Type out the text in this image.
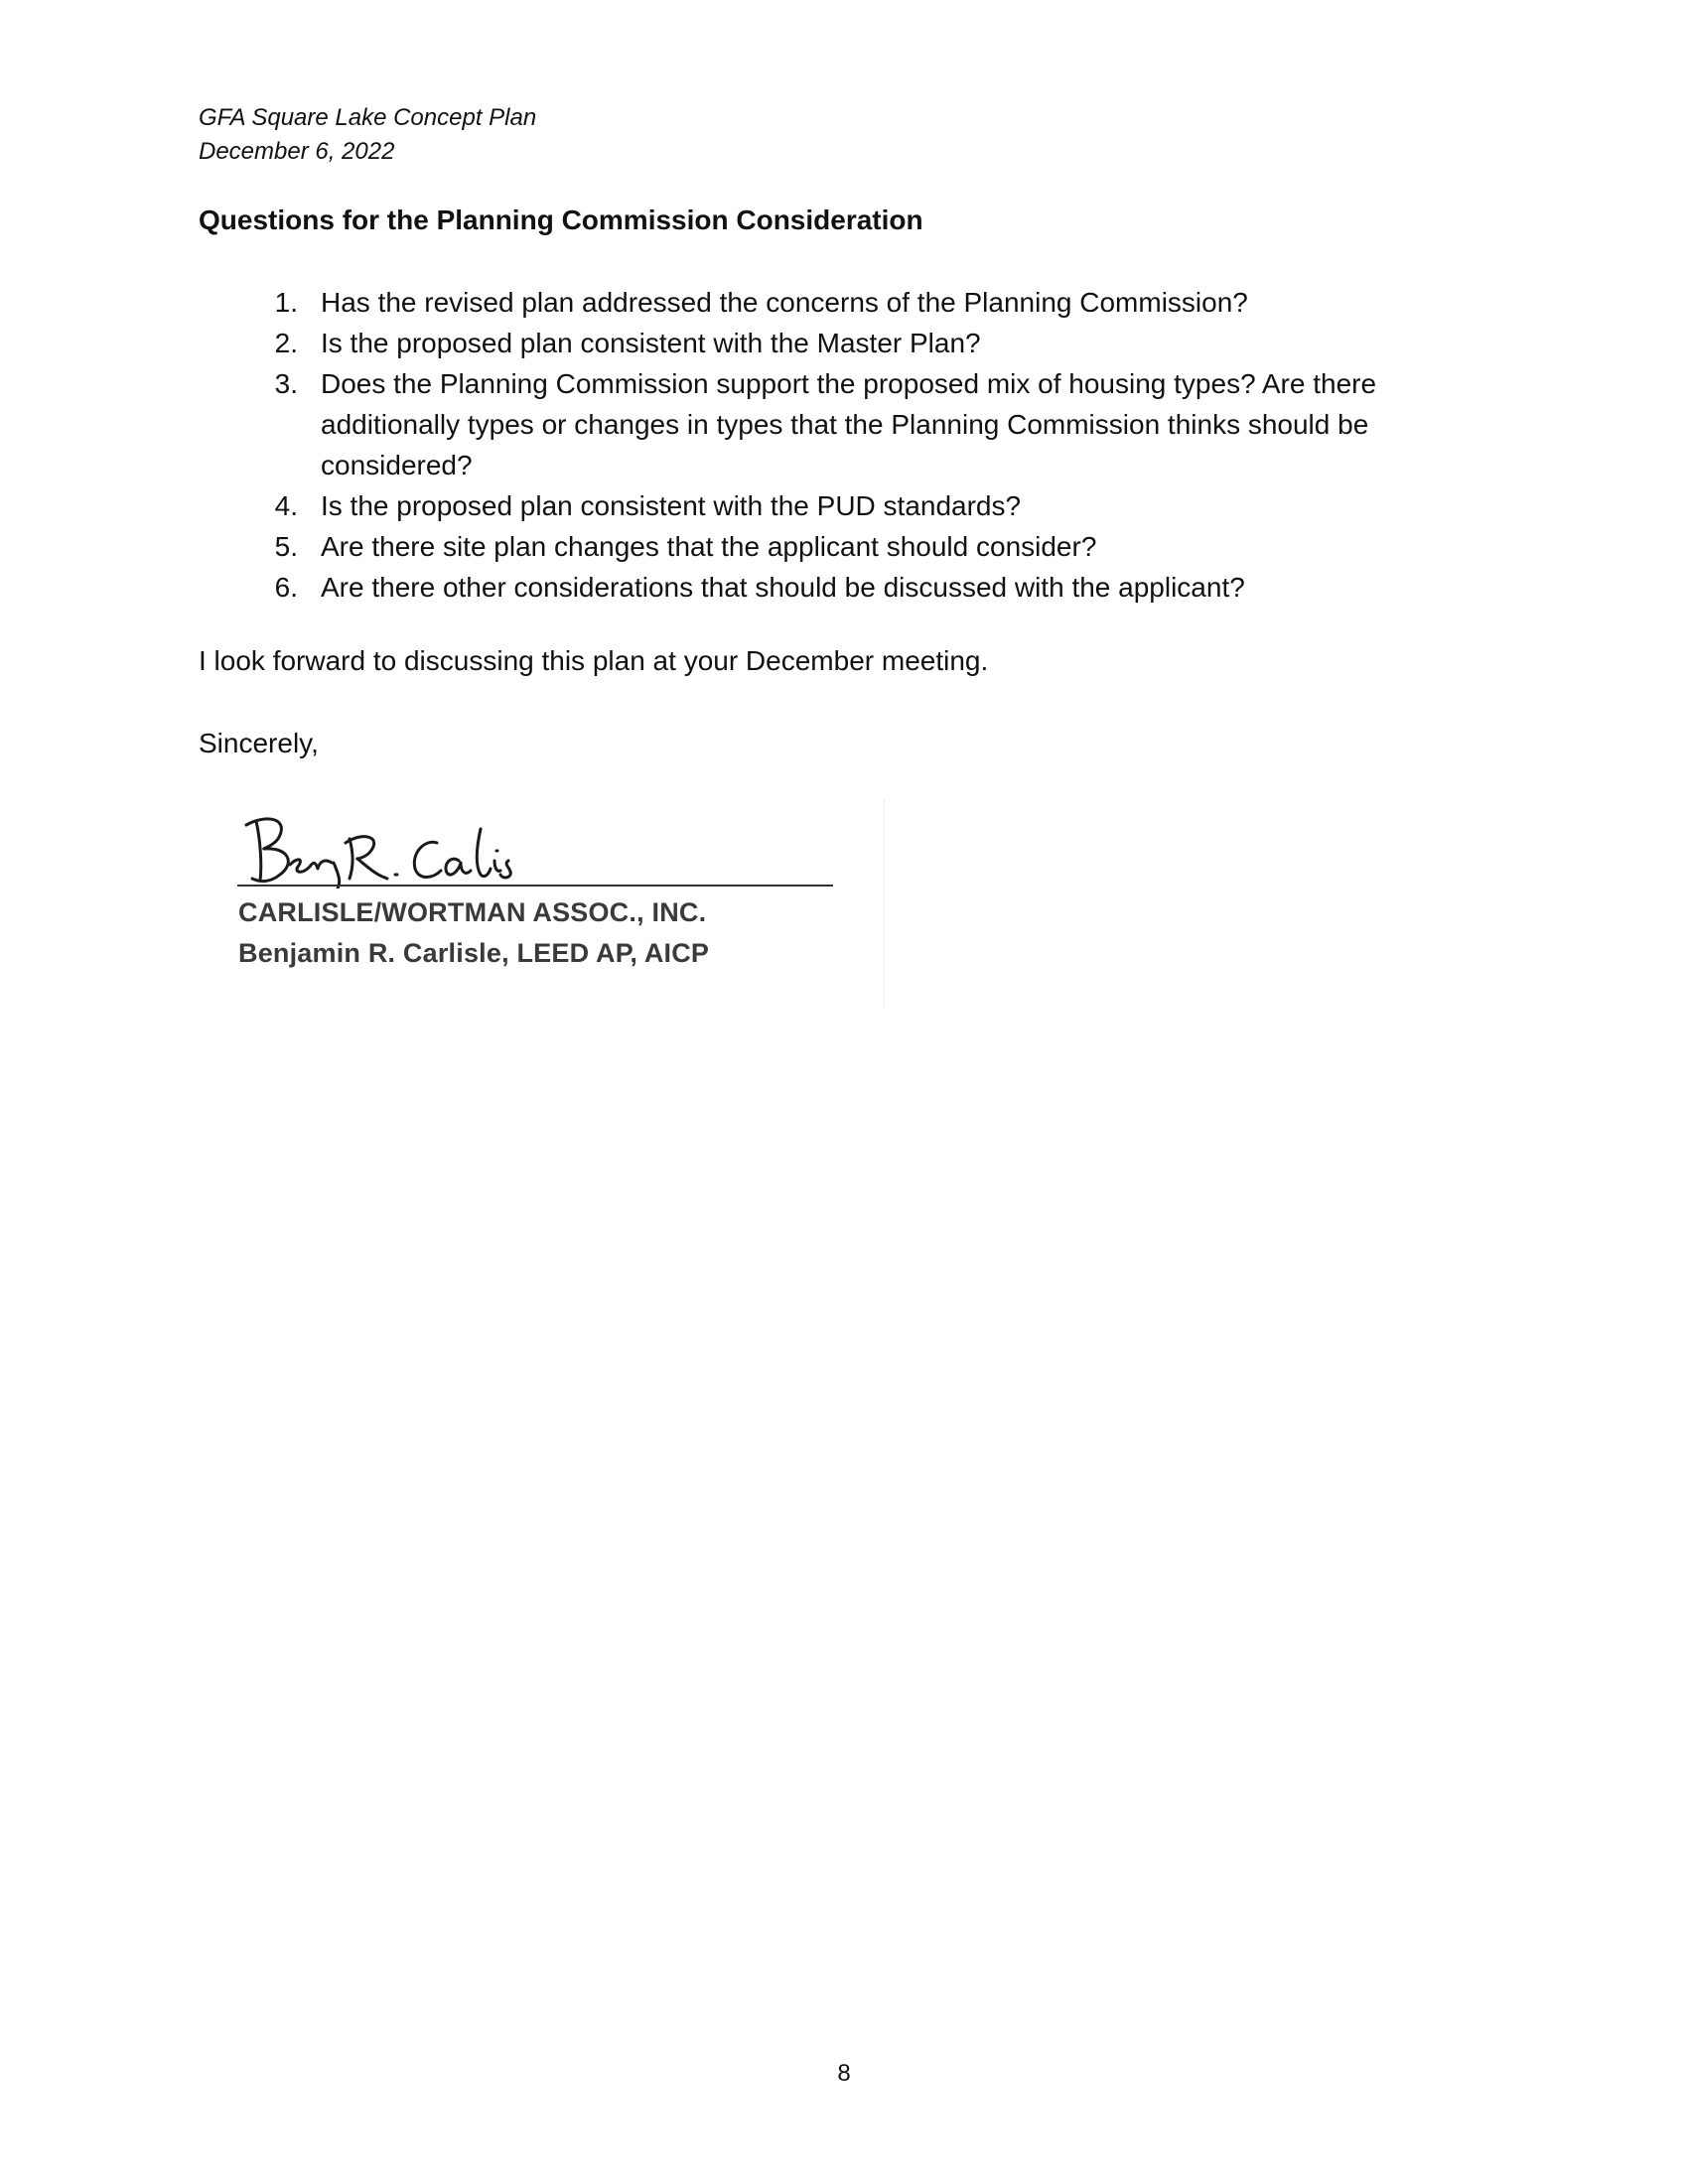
GFA Square Lake Concept Plan
December 6, 2022
Questions for the Planning Commission Consideration
1. Has the revised plan addressed the concerns of the Planning Commission?
2. Is the proposed plan consistent with the Master Plan?
3. Does the Planning Commission support the proposed mix of housing types? Are there additionally types or changes in types that the Planning Commission thinks should be considered?
4. Is the proposed plan consistent with the PUD standards?
5. Are there site plan changes that the applicant should consider?
6. Are there other considerations that should be discussed with the applicant?
I look forward to discussing this plan at your December meeting.
Sincerely,
CARLISLE/WORTMAN ASSOC., INC.
Benjamin R. Carlisle, LEED AP, AICP
8
